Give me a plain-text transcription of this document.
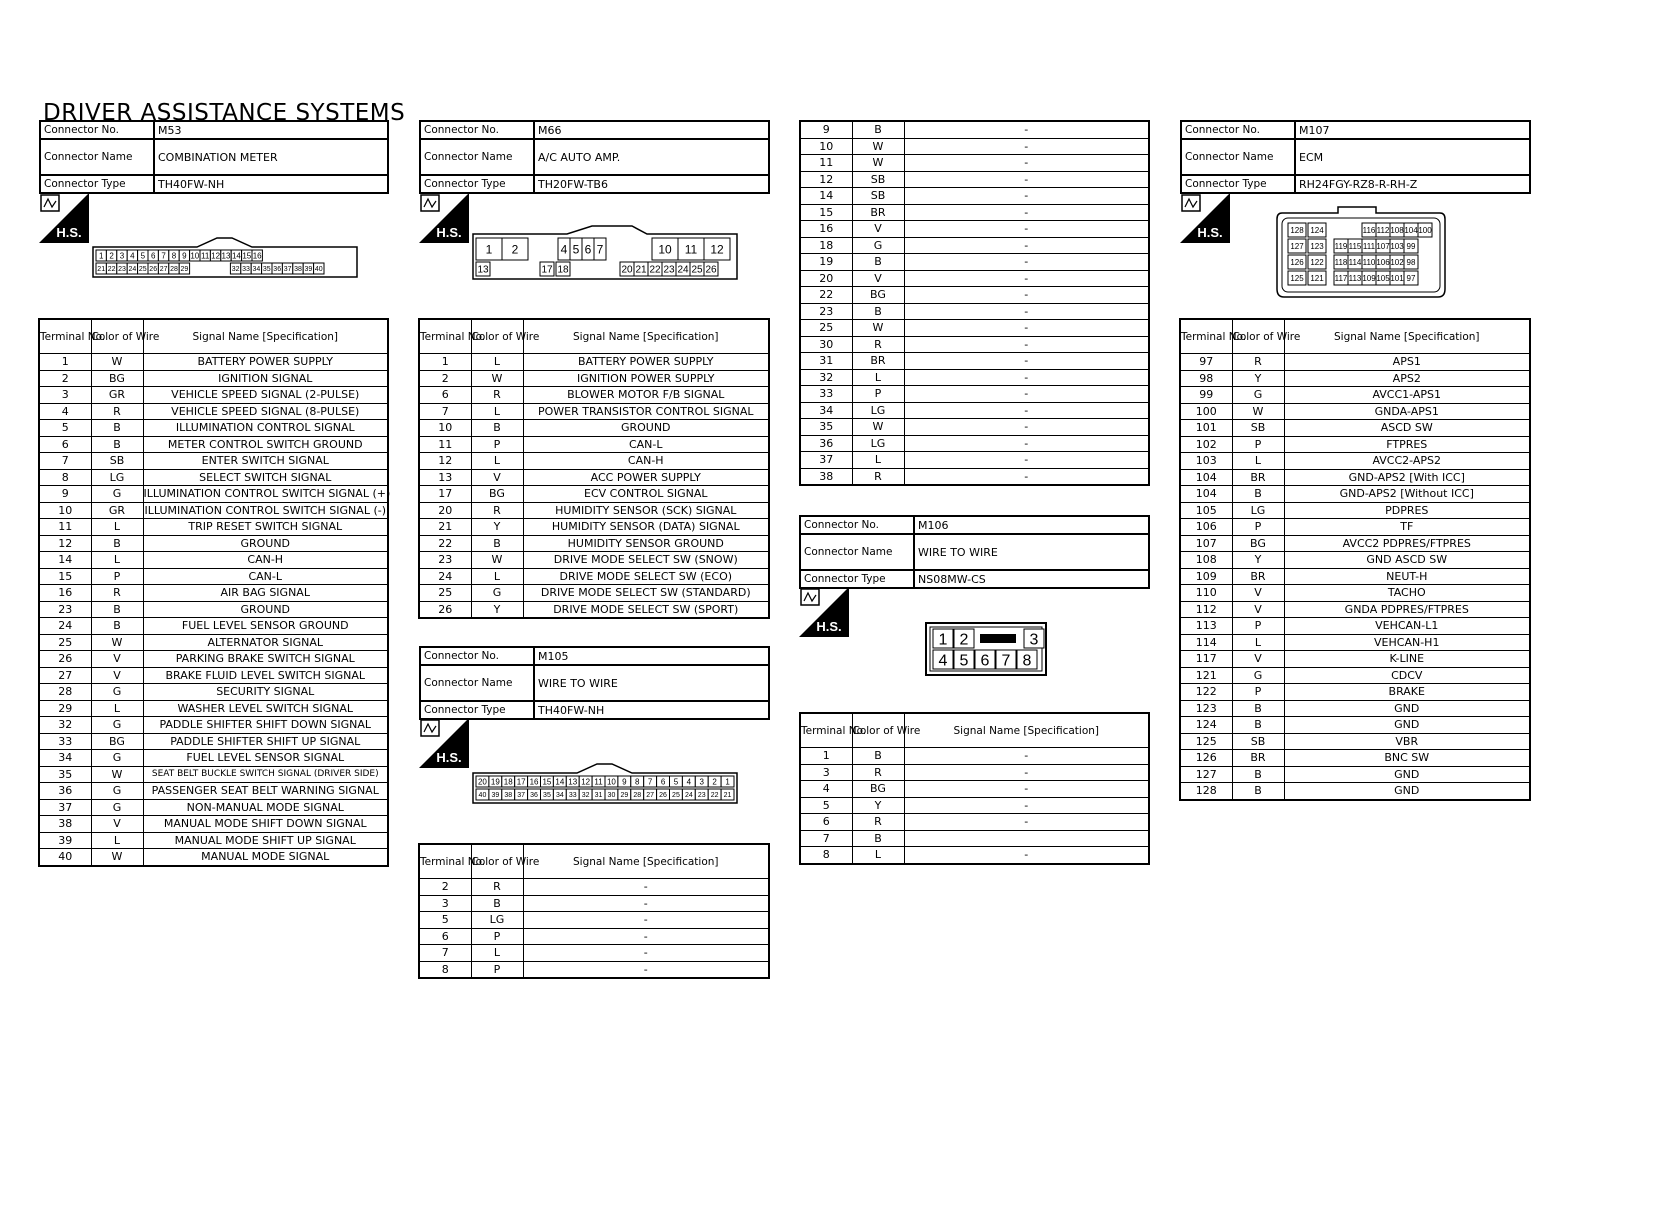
DRIVER ASSISTANCE SYSTEMS
Connector No.	M53
Connector Name	COMBINATION METER
Connector Type	TH40FW-NH
H.S.
1 2 3 4 5 6 7 8 9 10 11 12 13 14 15 16
21 22 23 24 25 26 27 28 29	32 33 34 35 36 37 38 39 40
Terminal No.	Color of Wire	Signal Name [Specification]
1	W	BATTERY POWER SUPPLY
2	BG	IGNITION SIGNAL
3	GR	VEHICLE SPEED SIGNAL (2-PULSE)
4	R	VEHICLE SPEED SIGNAL (8-PULSE)
5	B	ILLUMINATION CONTROL SIGNAL
6	B	METER CONTROL SWITCH GROUND
7	SB	ENTER SWITCH SIGNAL
8	LG	SELECT SWITCH SIGNAL
9	G	ILLUMINATION CONTROL SWITCH SIGNAL (+)
10	GR	ILLUMINATION CONTROL SWITCH SIGNAL (-)
11	L	TRIP RESET SWITCH SIGNAL
12	B	GROUND
14	L	CAN-H
15	P	CAN-L
16	R	AIR BAG SIGNAL
23	B	GROUND
24	B	FUEL LEVEL SENSOR GROUND
25	W	ALTERNATOR SIGNAL
26	V	PARKING BRAKE SWITCH SIGNAL
27	V	BRAKE FLUID LEVEL SWITCH SIGNAL
28	G	SECURITY SIGNAL
29	L	WASHER LEVEL SWITCH SIGNAL
32	G	PADDLE SHIFTER SHIFT DOWN SIGNAL
33	BG	PADDLE SHIFTER SHIFT UP SIGNAL
34	G	FUEL LEVEL SENSOR SIGNAL
35	W	SEAT BELT BUCKLE SWITCH SIGNAL (DRIVER SIDE)
36	G	PASSENGER SEAT BELT WARNING SIGNAL
37	G	NON-MANUAL MODE SIGNAL
38	V	MANUAL MODE SHIFT DOWN SIGNAL
39	L	MANUAL MODE SHIFT UP SIGNAL
40	W	MANUAL MODE SIGNAL
Connector No.	M66
Connector Name	A/C AUTO AMP.
Connector Type	TH20FW-TB6
H.S.
1 2	4 5 6 7	10 11 12
13	17 18	20 21 22 23 24 25 26
Terminal No.	Color of Wire	Signal Name [Specification]
1	L	BATTERY POWER SUPPLY
2	W	IGNITION POWER SUPPLY
6	R	BLOWER MOTOR F/B SIGNAL
7	L	POWER TRANSISTOR CONTROL SIGNAL
10	B	GROUND
11	P	CAN-L
12	L	CAN-H
13	V	ACC POWER SUPPLY
17	BG	ECV CONTROL SIGNAL
20	R	HUMIDITY SENSOR (SCK) SIGNAL
21	Y	HUMIDITY SENSOR (DATA) SIGNAL
22	B	HUMIDITY SENSOR GROUND
23	W	DRIVE MODE SELECT SW (SNOW)
24	L	DRIVE MODE SELECT SW (ECO)
25	G	DRIVE MODE SELECT SW (STANDARD)
26	Y	DRIVE MODE SELECT SW (SPORT)
Connector No.	M105
Connector Name	WIRE TO WIRE
Connector Type	TH40FW-NH
H.S.
20 19 18 17 16 15 14 13 12 11 10 9 8 7 6 5 4 3 2 1
40 39 38 37 36 35 34 33 32 31 30 29 28 27 26 25 24 23 22 21
Terminal No.	Color of Wire	Signal Name [Specification]
2	R	-
3	B	-
5	LG	-
6	P	-
7	L	-
8	P	-
9	B	-
10	W	-
11	W	-
12	SB	-
14	SB	-
15	BR	-
16	V	-
18	G	-
19	B	-
20	V	-
22	BG	-
23	B	-
25	W	-
30	R	-
31	BR	-
32	L	-
33	P	-
34	LG	-
35	W	-
36	LG	-
37	L	-
38	R	-
Connector No.	M106
Connector Name	WIRE TO WIRE
Connector Type	NS08MW-CS
H.S.
1 2	3
4 5 6 7 8
Terminal No.	Color of Wire	Signal Name [Specification]
1	B	-
3	R	-
4	BG	-
5	Y	-
6	R	-
7	B	
8	L	-
Connector No.	M107
Connector Name	ECM
Connector Type	RH24FGY-RZ8-R-RH-Z
H.S.	128 124	116 112 108 104 100
127 123 119 115 111 107 103 99
126 122 118 114 110 106 102 98
125 121 117 113 109 105 101 97
Terminal No.	Color of Wire	Signal Name [Specification]
97	R	APS1
98	Y	APS2
99	G	AVCC1-APS1
100	W	GNDA-APS1
101	SB	ASCD SW
102	P	FTPRES
103	L	AVCC2-APS2
104	BR	GND-APS2 [With ICC]
104	B	GND-APS2 [Without ICC]
105	LG	PDPRES
106	P	TF
107	BG	AVCC2 PDPRES/FTPRES
108	Y	GND ASCD SW
109	BR	NEUT-H
110	V	TACHO
112	V	GNDA PDPRES/FTPRES
113	P	VEHCAN-L1
114	L	VEHCAN-H1
117	V	K-LINE
121	G	CDCV
122	P	BRAKE
123	B	GND
124	B	GND
125	SB	VBR
126	BR	BNC SW
127	B	GND
128	B	GND
